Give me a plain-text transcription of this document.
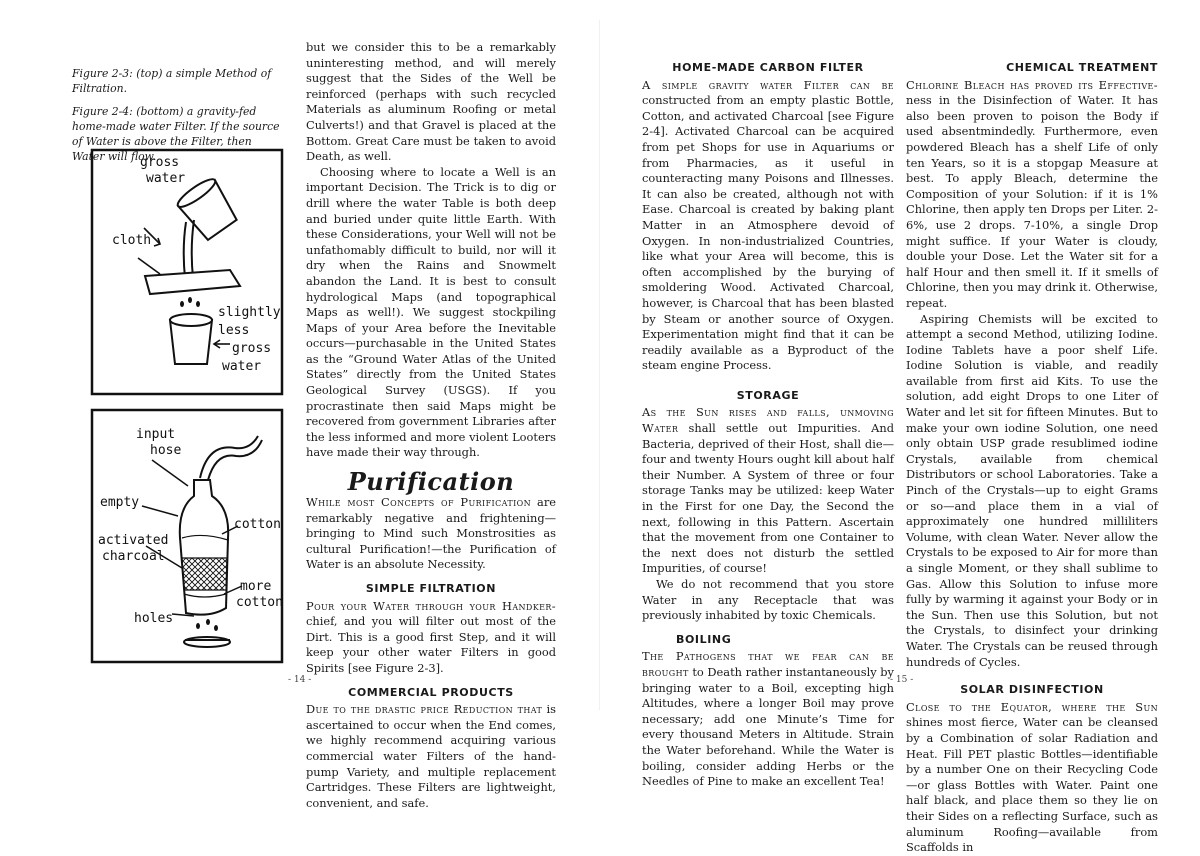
Figure 2-3: (top) a simple Method of Filtration.

Figure 2-4: (bottom) a gravity-fed home-made water Filter. If the source of Water is above the Filter, then Water will flow.

gross
water
cloth
slightly
less
gross
water
input
hose
empty
activated
charcoal
cotton
more
cotton
holes

but we consider this to be a remarkably uninteresting method, and will merely suggest that the Sides of the Well be reinforced (perhaps with such recycled Materials as aluminum Roofing or metal Culverts!) and that Gravel is placed at the Bottom. Great Care must be taken to avoid Death, as well.

Choosing where to locate a Well is an important Decision. The Trick is to dig or drill where the water Table is both deep and buried under quite little Earth. With these Considerations, your Well will not be unfathomably difficult to build, nor will it dry when the Rains and Snowmelt abandon the Land. It is best to consult hydrological Maps (and topographical Maps as well!). We suggest stockpiling Maps of your Area before the Inevitable occurs—purchasable in the United States as the “Ground Water Atlas of the United States” directly from the United States Geological Survey (USGS). If you procrastinate then said Maps might be recovered from government Libraries after the less informed and more violent Looters have made their way through.

Purification

While most Concepts of Purification are remarkably negative and frightening—bringing to Mind such Monstrosities as cultural Purification!—the Purification of Water is an absolute Necessity.

SIMPLE FILTRATION

Pour your Water through your Handker- chief, and you will filter out most of the Dirt. This is a good first Step, and it will keep your other water Filters in good Spirits [see Figure 2-3].

COMMERCIAL PRODUCTS

Due to the drastic price Reduction that is ascertained to occur when the End comes, we highly recommend acquiring various commercial water Filters of the hand-pump Variety, and multiple replacement Cartridges. These Filters are lightweight, convenient, and safe.

- 14 -
HOME-MADE CARBON FILTER

A simple gravity water Filter can be constructed from an empty plastic Bottle, Cotton, and activated Charcoal [see Figure 2-4]. Activated Charcoal can be acquired from pet Shops for use in Aquariums or from Pharmacies, as it useful in counteracting many Poisons and Illnesses. It can also be created, although not with Ease. Charcoal is created by baking plant Matter in an Atmosphere devoid of Oxygen. In non-industrialized Countries, like what your Area will become, this is often accomplished by the burying of smoldering Wood. Activated Charcoal, however, is Charcoal that has been blasted by Steam or another source of Oxygen. Experimentation might find that it can be readily available as a Byproduct of the steam engine Process.

STORAGE

As the Sun rises and falls, unmoving Water shall settle out Impurities. And Bacteria, deprived of their Host, shall die—four and twenty Hours ought kill about half their Number. A System of three or four storage Tanks may be utilized: keep Water in the First for one Day, the Second the next, following in this Pattern. Ascertain that the movement from one Container to the next does not disturb the settled Impurities, of course!

We do not recommend that you store Water in any Receptacle that was previously inhabited by toxic Chemicals.

BOILING

The Pathogens that we fear can be brought to Death rather instantaneously by bringing water to a Boil, excepting high Altitudes, where a longer Boil may prove necessary; add one Minute’s Time for every thousand Meters in Altitude. Strain the Water beforehand. While the Water is boiling, consider adding Herbs or the Needles of Pine to make an excellent Tea!

CHEMICAL TREATMENT

Chlorine Bleach has proved its Effective- ness in the Disinfection of Water. It has also been proven to poison the Body if used absentmindedly. Furthermore, even powdered Bleach has a shelf Life of only ten Years, so it is a stopgap Measure at best. To apply Bleach, determine the Composition of your Solution: if it is 1% Chlorine, then apply ten Drops per Liter. 2-6%, use 2 drops. 7-10%, a single Drop might suffice. If your Water is cloudy, double your Dose. Let the Water sit for a half Hour and then smell it. If it smells of Chlorine, then you may drink it. Otherwise, repeat.

Aspiring Chemists will be excited to attempt a second Method, utilizing Iodine. Iodine Tablets have a poor shelf Life. Iodine Solution is viable, and readily available from first aid Kits. To use the solution, add eight Drops to one Liter of Water and let sit for fifteen Minutes. But to make your own iodine Solution, one need only obtain USP grade resublimed iodine Crystals, available from chemical Distributors or school Laboratories. Take a Pinch of the Crystals—up to eight Grams or so—and place them in a vial of approximately one hundred milliliters Volume, with clean Water. Never allow the Crystals to be exposed to Air for more than a single Moment, or they shall sublime to Gas. Allow this Solution to infuse more fully by warming it against your Body or in the Sun. Then use this Solution, but not the Crystals, to disinfect your drinking Water. The Crystals can be reused through hundreds of Cycles.

SOLAR DISINFECTION

Close to the Equator, where the Sun shines most fierce, Water can be cleansed by a Combination of solar Radiation and Heat. Fill PET plastic Bottles—identifiable by a number One on their Recycling Code—or glass Bottles with Water. Paint one half black, and place them so they lie on their Sides on a reflecting Surface, such as aluminum Roofing—available from Scaffolds in

- 15 -
